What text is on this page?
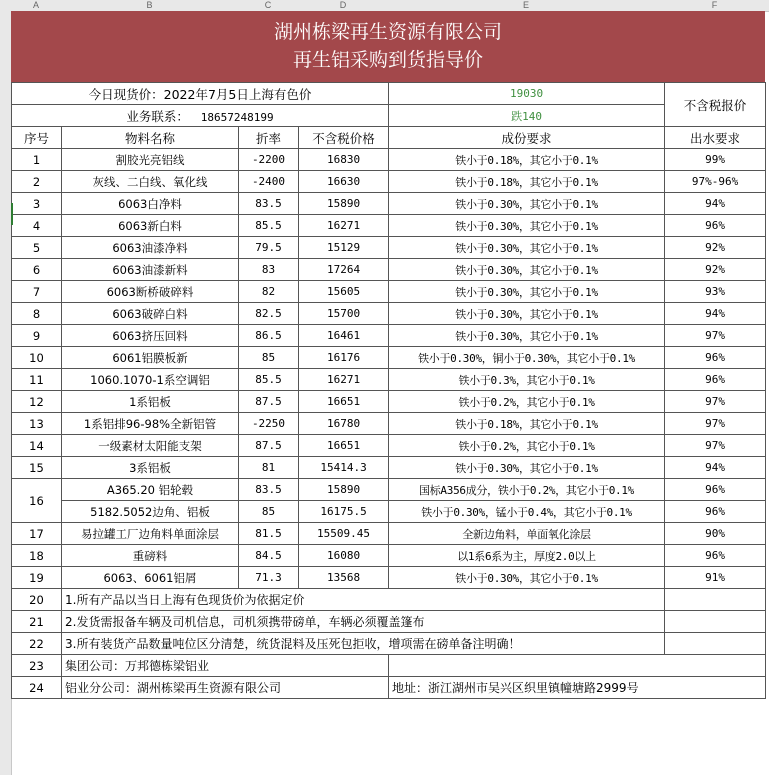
A	B	C	D	E	F
湖州栋梁再生资源有限公司
再生铝采购到货指导价
今日现货价：2022年7月5日上海有色价				19030	不含税报价
业务联系： 18657248199				跌140	
序号	物料名称	折率	不含税价格	成份要求	出水要求
1	割胶光亮铝线	-2200	16830	铁小于0.18%，其它小于0.1%	99%
2	灰线、二白线、氧化线	-2400	16630	铁小于0.18%，其它小于0.1%	97%-96%
3	6063白净料	83.5	15890	铁小于0.30%，其它小于0.1%	94%
4	6063新白料	85.5	16271	铁小于0.30%，其它小于0.1%	96%
5	6063油漆净料	79.5	15129	铁小于0.30%，其它小于0.1%	92%
6	6063油漆新料	83	17264	铁小于0.30%，其它小于0.1%	92%
7	6063断桥破碎料	82	15605	铁小于0.30%，其它小于0.1%	93%
8	6063破碎白料	82.5	15700	铁小于0.30%，其它小于0.1%	94%
9	6063挤压回料	86.5	16461	铁小于0.30%，其它小于0.1%	97%
10	6061铝膜板新	85	16176	铁小于0.30%，铜小于0.30%，其它小于0.1%	96%
11	1060.1070-1系空调铝	85.5	16271	铁小于0.3%，其它小于0.1%	96%
12	1系铝板	87.5	16651	铁小于0.2%，其它小于0.1%	97%
13	1系铝排96-98%全新铝管	-2250	16780	铁小于0.18%，其它小于0.1%	97%
14	一级素材太阳能支架	87.5	16651	铁小于0.2%，其它小于0.1%	97%
15	3系铝板	81	15414.3	铁小于0.30%，其它小于0.1%	94%
16	A365.20 铝轮毂	83.5	15890	国标A356成分，铁小于0.2%，其它小于0.1%	96%
	5182.5052边角、铝板	85	16175.5	铁小于0.30%，锰小于0.4%，其它小于0.1%	96%
17	易拉罐工厂边角料单面涂层	81.5	15509.45	全新边角料，单面氧化涂层	90%
18	重磅料	84.5	16080	以1系6系为主，厚度2.0以上	96%
19	6063、6061铝屑	71.3	13568	铁小于0.30%，其它小于0.1%	91%
20	1.所有产品以当日上海有色现货价为依据定价				
21	2.发货需报备车辆及司机信息，司机须携带磅单，车辆必须覆盖篷布				
22	3.所有装货产品数量吨位区分清楚，统货混料及压死包拒收，增项需在磅单备注明确！				
23	集团公司：万邦德栋梁铝业				
24	铝业分公司：湖州栋梁再生资源有限公司			地址：浙江湖州市吴兴区织里镇幢塘路2999号	
